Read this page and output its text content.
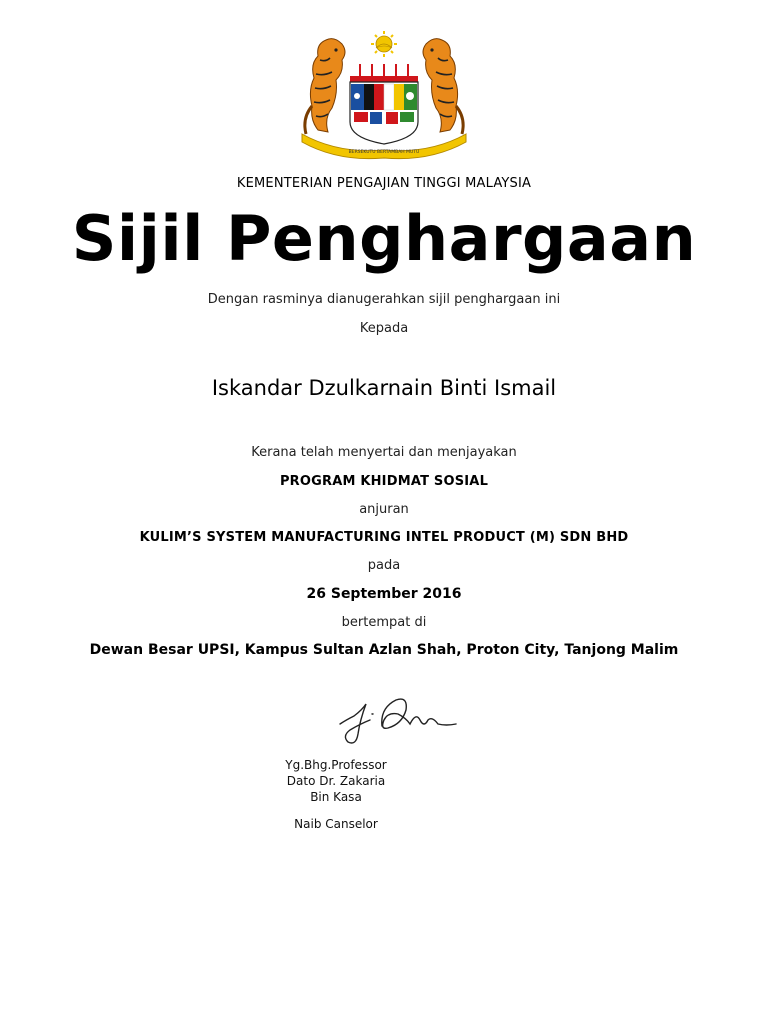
BERSEKUTU BERTAMBAH MUTU
KEMENTERIAN PENGAJIAN TINGGI MALAYSIA
Sijil Penghargaan
Dengan rasminya dianugerahkan sijil penghargaan ini
Kepada
Iskandar Dzulkarnain Binti Ismail
Kerana telah menyertai dan menjayakan
PROGRAM KHIDMAT SOSIAL
anjuran
KULIM’S SYSTEM MANUFACTURING INTEL PRODUCT (M) SDN BHD
pada
26 September 2016
bertempat di
Dewan Besar UPSI, Kampus Sultan Azlan Shah, Proton City, Tanjong Malim
Yg.Bhg.Professor
Dato Dr. Zakaria
Bin Kasa
Naib Canselor
